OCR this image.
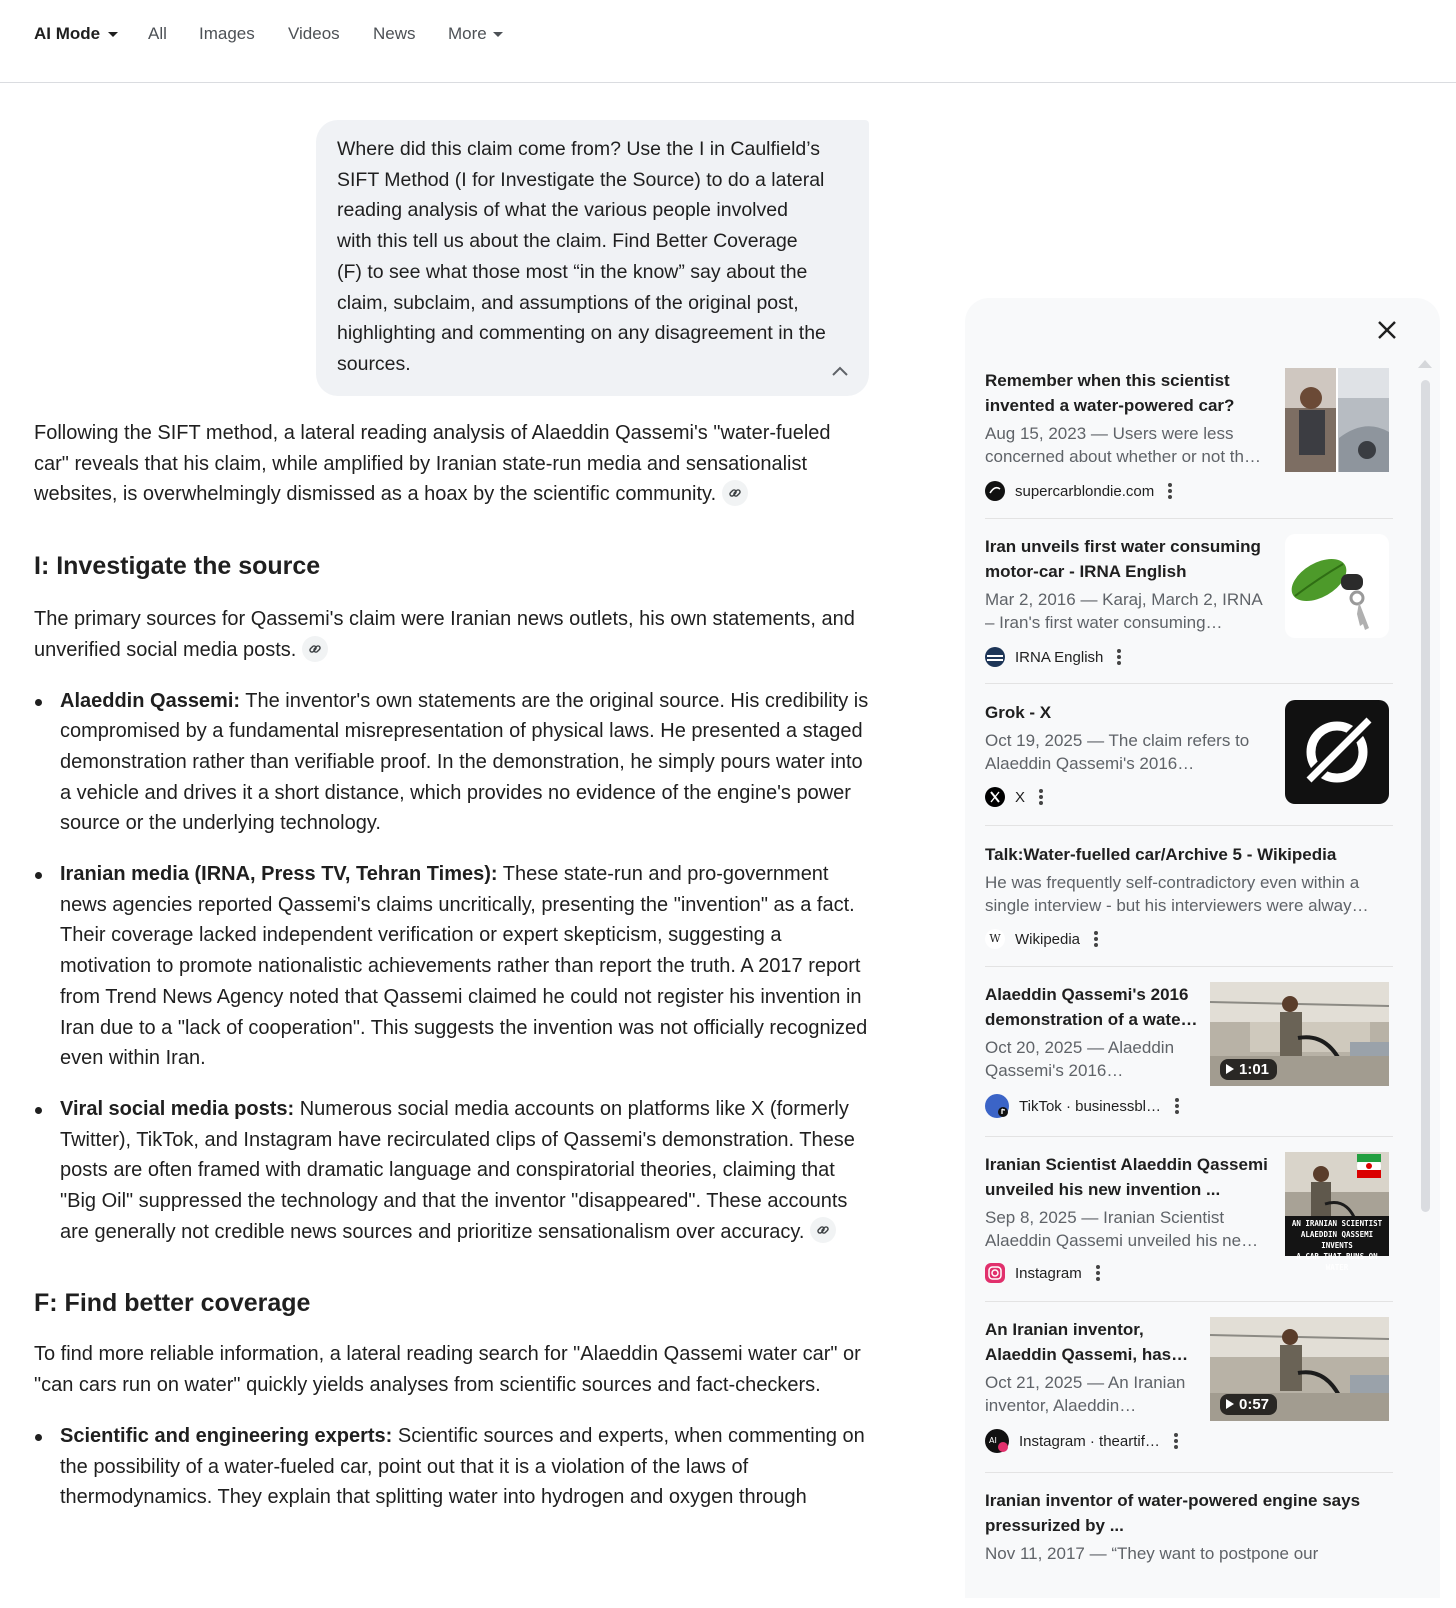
AI Mode	All Images Videos News More
Where did this claim come from? Use the I in Caulfield’s SIFT Method (I for Investigate the Source) to do a lateral reading analysis of what the various people involved with this tell us about the claim. Find Better Coverage (F) to see what those most “in the know” say about the claim, subclaim, and assumptions of the original post, highlighting and commenting on any disagreement in the sources.

Following the SIFT method, a lateral reading analysis of Alaeddin Qassemi's "water-fueled car" reveals that his claim, while amplified by Iranian state-run media and sensationalist websites, is overwhelmingly dismissed as a hoax by the scientific community.

I: Investigate the source

The primary sources for Qassemi's claim were Iranian news outlets, his own statements, and unverified social media posts.

Alaeddin Qassemi: The inventor's own statements are the original source. His credibility is compromised by a fundamental misrepresentation of physical laws. He presented a staged demonstration rather than verifiable proof. In the demonstration, he simply pours water into a vehicle and drives it a short distance, which provides no evidence of the engine's power source or the underlying technology.
Iranian media (IRNA, Press TV, Tehran Times): These state-run and pro-government news agencies reported Qassemi's claims uncritically, presenting the "invention" as a fact. Their coverage lacked independent verification or expert skepticism, suggesting a motivation to promote nationalistic achievements rather than report the truth. A 2017 report from Trend News Agency noted that Qassemi claimed he could not register his invention in Iran due to a "lack of cooperation". This suggests the invention was not officially recognized even within Iran.
Viral social media posts: Numerous social media accounts on platforms like X (formerly Twitter), TikTok, and Instagram have recirculated clips of Qassemi's demonstration. These posts are often framed with dramatic language and conspiratorial theories, claiming that "Big Oil" suppressed the technology and that the inventor "disappeared". These accounts are generally not credible news sources and prioritize sensationalism over accuracy.
F: Find better coverage

To find more reliable information, a lateral reading search for "Alaeddin Qassemi water car" or "can cars run on water" quickly yields analyses from scientific sources and fact-checkers.

Scientific and engineering experts: Scientific sources and experts, when commenting on the possibility of a water-fueled car, point out that it is a violation of the laws of thermodynamics. They explain that splitting water into hydrogen and oxygen through
Remember when this scientist
invented a water-powered car?
Aug 15, 2023 — Users were less
concerned about whether or not th…
supercarblondie.com
Iran unveils first water consuming
motor-car - IRNA English
Mar 2, 2016 — Karaj, March 2, IRNA
– Iran's first water consuming…
IRNA English
Grok - X
Oct 19, 2025 — The claim refers to
Alaeddin Qassemi's 2016…
X
Talk:Water-fuelled car/Archive 5 - Wikipedia
He was frequently self-contradictory even within a
single interview - but his interviewers were alway…
W Wikipedia
Alaeddin Qassemi's 2016
demonstration of a wate…
Oct 20, 2025 — Alaeddin
Qassemi's 2016…
TikTok · businessbl…
1:01
Iranian Scientist Alaeddin Qassemi
unveiled his new invention ...
Sep 8, 2025 — Iranian Scientist
Alaeddin Qassemi unveiled his ne…
Instagram
AN IRANIAN SCIENTIST
ALAEDDIN QASSEMI INVENTS
A CAR THAT RUNS ON WATER
An Iranian inventor,
Alaeddin Qassemi, has…
Oct 21, 2025 — An Iranian
inventor, Alaeddin…
AI Instagram · theartif…
0:57
Iranian inventor of water-powered engine says
pressurized by ...
Nov 11, 2017 — “They want to postpone our
